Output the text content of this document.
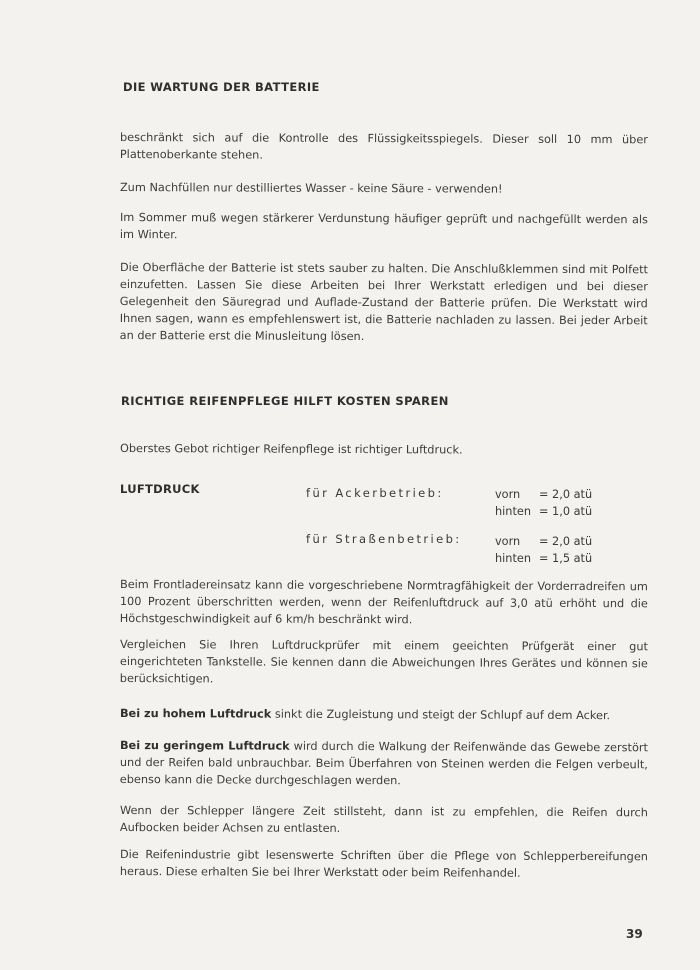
DIE WARTUNG DER BATTERIE
beschränkt sich auf die Kontrolle des Flüssigkeitsspiegels. Dieser soll 10 mm über Plattenoberkante stehen.
Zum Nachfüllen nur destilliertes Wasser - keine Säure - verwenden!
Im Sommer muß wegen stärkerer Verdunstung häufiger geprüft und nachgefüllt werden als im Winter.
Die Oberfläche der Batterie ist stets sauber zu halten. Die Anschlußklemmen sind mit Polfett einzufetten. Lassen Sie diese Arbeiten bei Ihrer Werkstatt erledigen und bei dieser Gelegenheit den Säuregrad und Auflade-Zustand der Batterie prüfen. Die Werkstatt wird Ihnen sagen, wann es empfehlenswert ist, die Batterie nachladen zu lassen. Bei jeder Arbeit an der Batterie erst die Minusleitung lösen.
RICHTIGE REIFENPFLEGE HILFT KOSTEN SPAREN
Oberstes Gebot richtiger Reifenpflege ist richtiger Luftdruck.
LUFTDRUCK	für Ackerbetrieb:	vorn	= 2,0 atü
hinten = 1,0 atü
für Straßenbetrieb:	vorn	= 2,0 atü
hinten = 1,5 atü
Beim Frontladereinsatz kann die vorgeschriebene Normtragfähigkeit der Vorderradreifen um 100 Prozent überschritten werden, wenn der Reifenluftdruck auf 3,0 atü erhöht und die Höchstgeschwindigkeit auf 6 km/h beschränkt wird.
Vergleichen Sie Ihren Luftdruckprüfer mit einem geeichten Prüfgerät einer gut eingerichteten Tankstelle. Sie kennen dann die Abweichungen Ihres Gerätes und können sie berücksichtigen.
Bei zu hohem Luftdruck sinkt die Zugleistung und steigt der Schlupf auf dem Acker.
Bei zu geringem Luftdruck wird durch die Walkung der Reifenwände das Gewebe zerstört und der Reifen bald unbrauchbar. Beim Überfahren von Steinen werden die Felgen verbeult, ebenso kann die Decke durchgeschlagen werden.
Wenn der Schlepper längere Zeit stillsteht, dann ist zu empfehlen, die Reifen durch Aufbocken beider Achsen zu entlasten.
Die Reifenindustrie gibt lesenswerte Schriften über die Pflege von Schlepperbereifungen heraus. Diese erhalten Sie bei Ihrer Werkstatt oder beim Reifenhandel.
39
